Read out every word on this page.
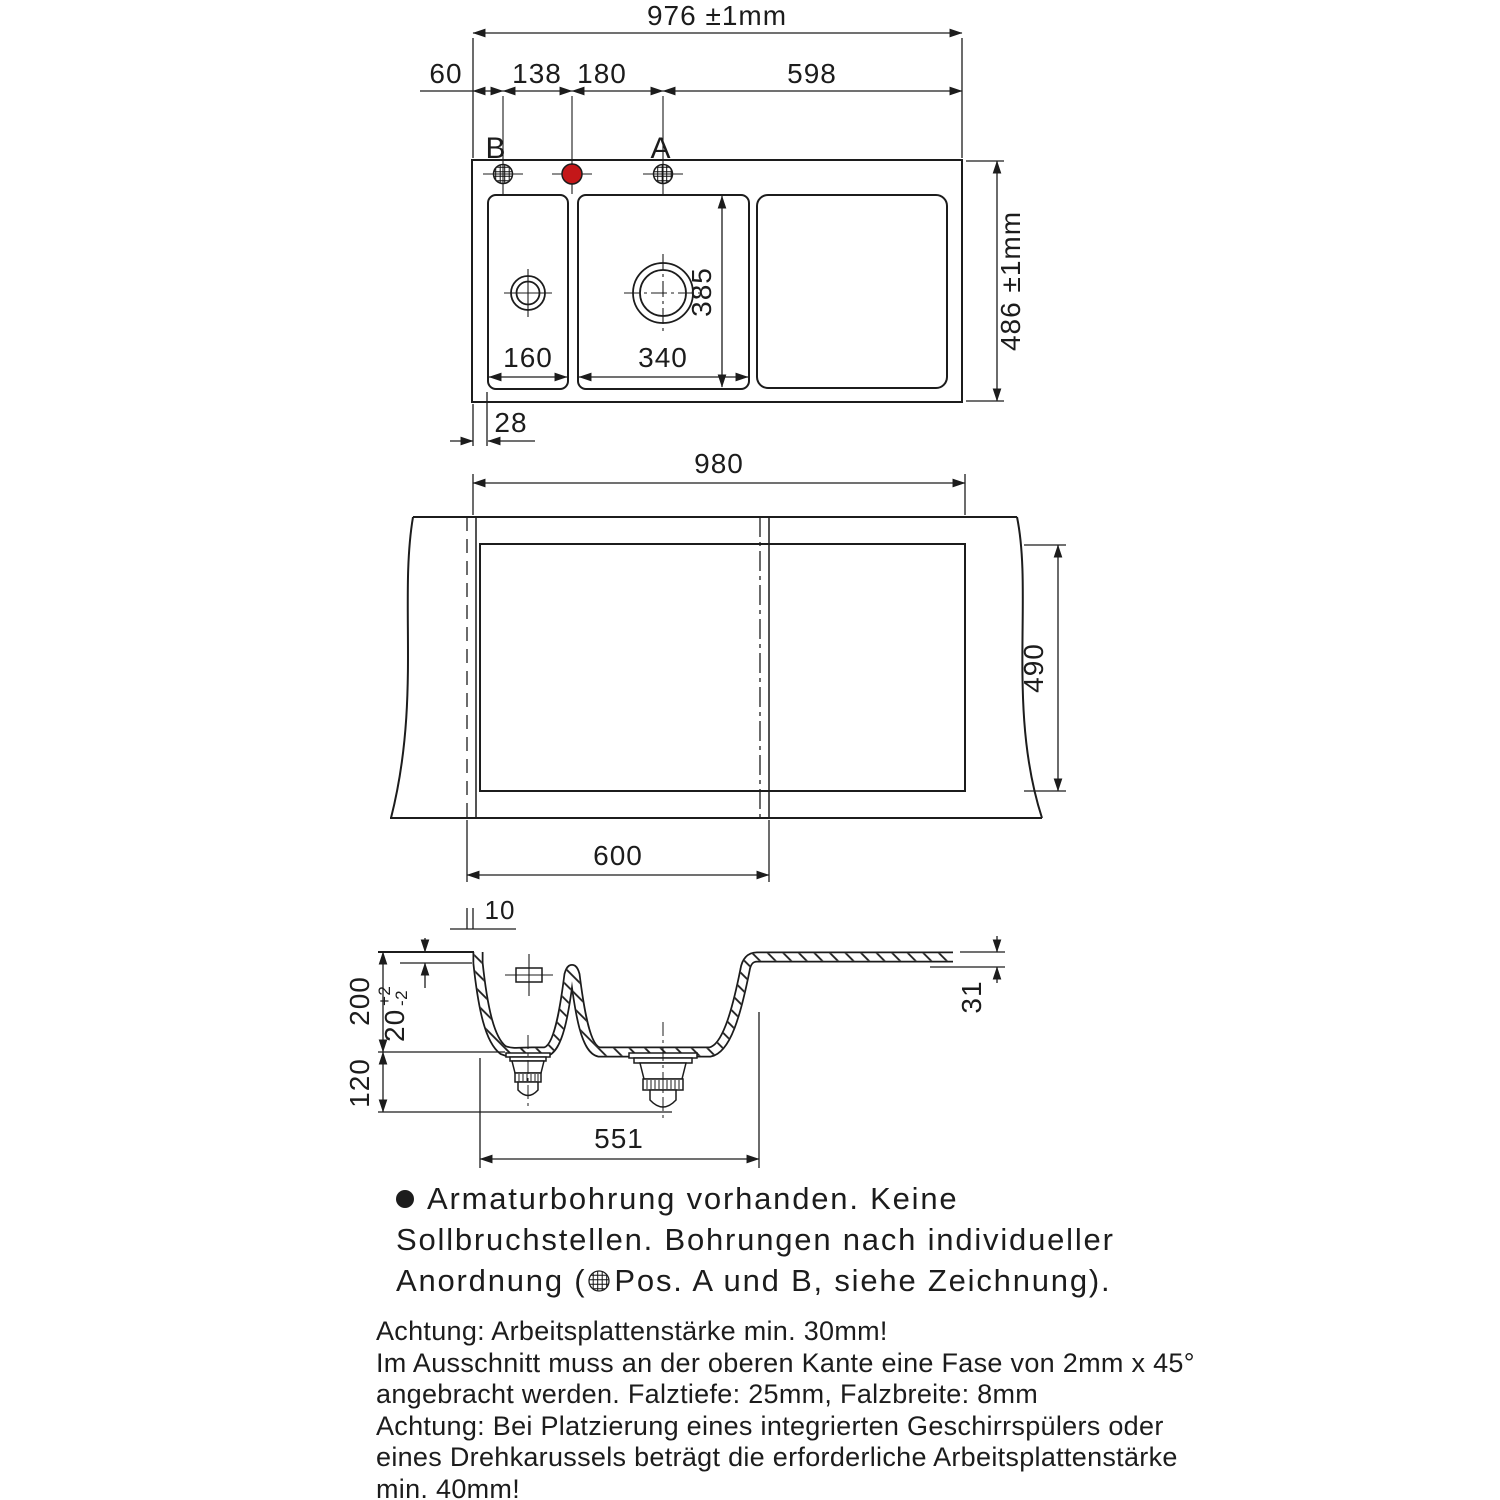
976 ±1mm
60 138 180	598
B	A
160	340
385	486 ±1mm
28
980
490
600
10
200
120
20
+2
-2
551
31
Armaturbohrung vorhanden. Keine
Sollbruchstellen. Bohrungen nach individueller
Anordnung ( Pos. A und B, siehe Zeichnung).
Achtung: Arbeitsplattenstärke min. 30mm!
Im Ausschnitt muss an der oberen Kante eine Fase von 2mm x 45°
angebracht werden. Falztiefe: 25mm, Falzbreite: 8mm
Achtung: Bei Platzierung eines integrierten Geschirrspülers oder
eines Drehkarussels beträgt die erforderliche Arbeitsplattenstärke
min. 40mm!
